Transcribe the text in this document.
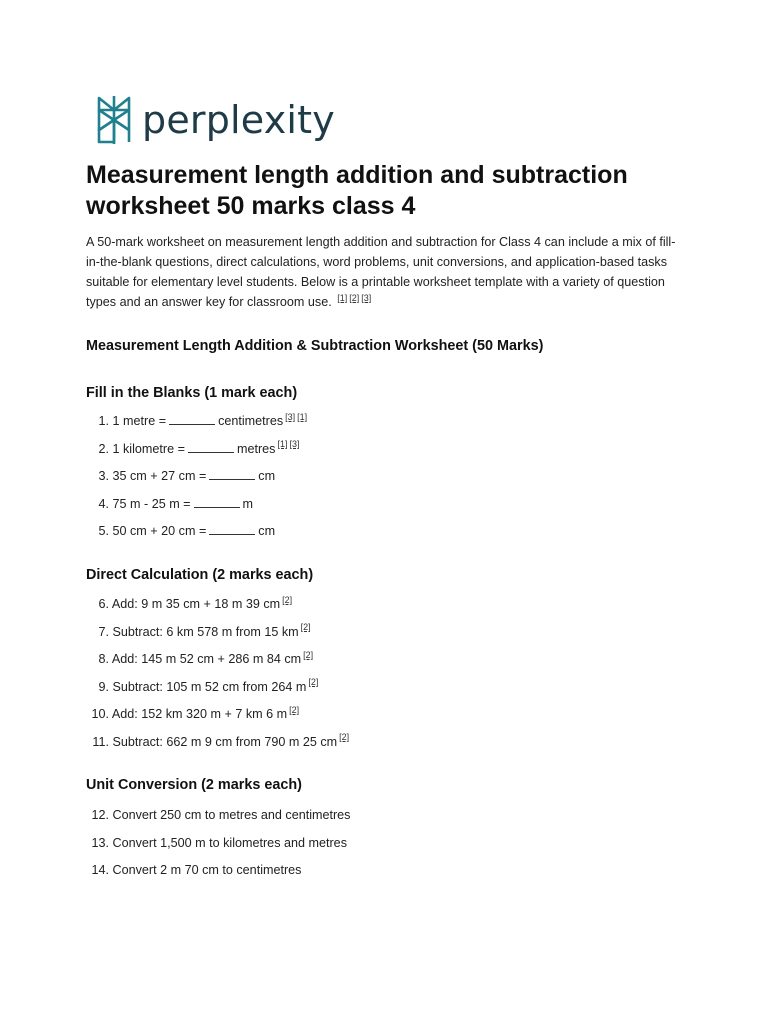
perplexity
Measurement length addition and subtraction worksheet 50 marks class 4

A 50-mark worksheet on measurement length addition and subtraction for Class 4 can include a mix of fill-in-the-blank questions, direct calculations, word problems, unit conversions, and application-based tasks suitable for elementary level students. Below is a printable worksheet template with a variety of question types and an answer key for classroom use. [1] [2] [3]

Measurement Length Addition & Subtraction Worksheet (50 Marks)
Fill in the Blanks (1 mark each)
1. 1 metre =	centimetres [3] [1]
2. 1 kilometre =	metres [1] [3]
3. 35 cm + 27 cm =	cm
4. 75 m - 25 m =	m
5. 50 cm + 20 cm =	cm
Direct Calculation (2 marks each)
6. Add: 9 m 35 cm + 18 m 39 cm [2]
7. Subtract: 6 km 578 m from 15 km [2]
8. Add: 145 m 52 cm + 286 m 84 cm [2]
9. Subtract: 105 m 52 cm from 264 m [2]
10. Add: 152 km 320 m + 7 km 6 m [2]
11. Subtract: 662 m 9 cm from 790 m 25 cm [2]
Unit Conversion (2 marks each)
12. Convert 250 cm to metres and centimetres
13. Convert 1,500 m to kilometres and metres
14. Convert 2 m 70 cm to centimetres
